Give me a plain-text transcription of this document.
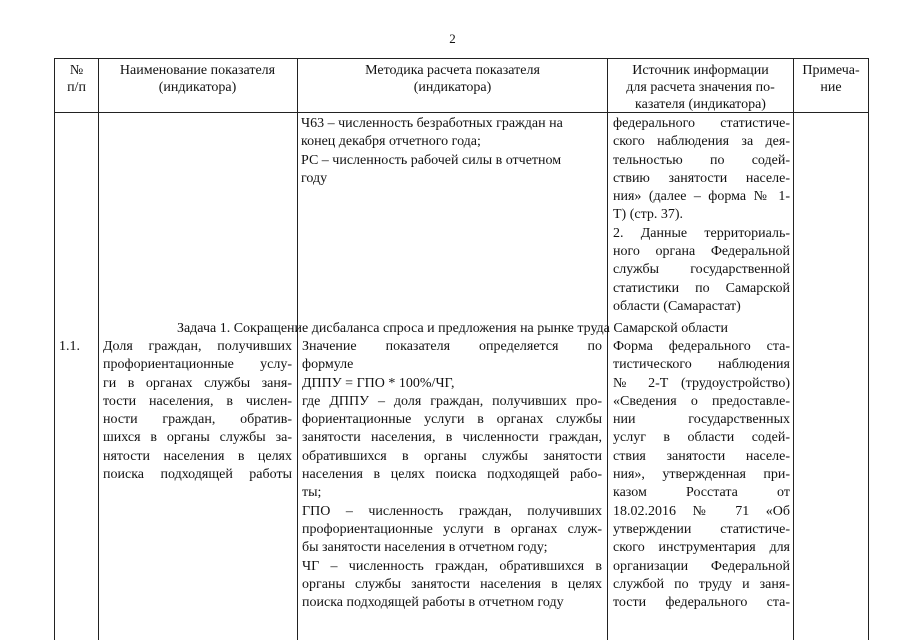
2
№
п/п
Наименование показателя
(индикатора)
Методика расчета показателя
(индикатора)
Источник информации
для расчета значения по-
казателя (индикатора)
Примеча-
ние
Ч63 – численность безработных граждан на
конец декабря отчетного года;
РС – численность рабочей силы в отчетном
году
федерального статистиче-
ского наблюдения за дея-
тельностью по содей-
ствию занятости населе-
ния» (далее – форма № 1-
Т) (стр. 37).
2. Данные территориаль-
ного органа Федеральной
службы государственной
статистики по Самарской
области (Самарастат)
Задача 1. Сокращение дисбаланса спроса и предложения на рынке труда Самарской области
1.1.	Доля граждан, получивших
профориентационные услу-
ги в органах службы заня-
тости населения, в числен-
ности граждан, обратив-
шихся в органы службы за-
нятости населения в целях
поиска подходящей работы
Значение показателя определяется по
формуле
ДППУ = ГПО * 100%/ЧГ,
где ДППУ – доля граждан, получивших про-
фориентационные услуги в органах службы
занятости населения, в численности граждан,
обратившихся в органы службы занятости
населения в целях поиска подходящей рабо-
ты;
ГПО – численность граждан, получивших
профориентационные услуги в органах служ-
бы занятости населения в отчетном году;
ЧГ – численность граждан, обратившихся в
органы службы занятости населения в целях
поиска подходящей работы в отчетном году
Форма федерального ста-
тистического наблюдения
№ 2-Т (трудоустройство)
«Сведения о предоставле-
нии государственных
услуг в области содей-
ствия занятости населе-
ния», утвержденная при-
казом Росстата от
18.02.2016 № 71 «Об
утверждении статистиче-
ского инструментария для
организации Федеральной
службой по труду и заня-
тости федерального ста-
